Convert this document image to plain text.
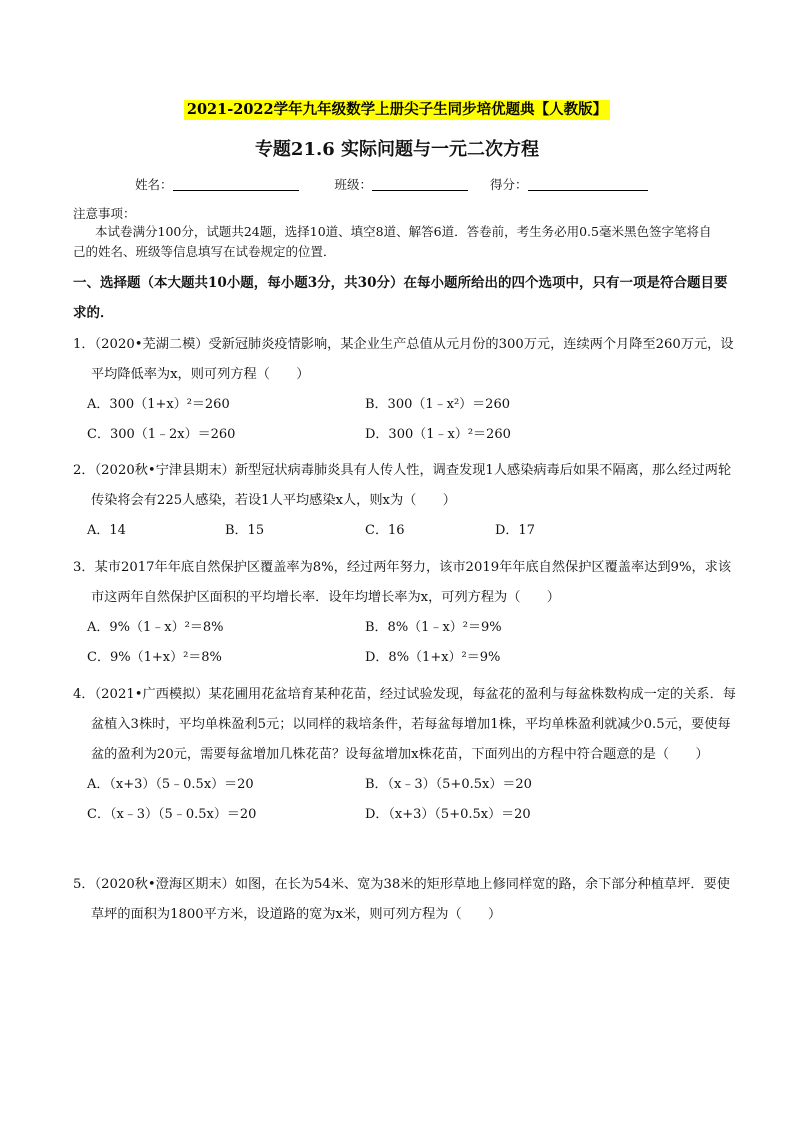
2021-2022学年九年级数学上册尖子生同步培优题典【人教版】
专题21.6 实际问题与一元二次方程
姓名：	班级：	得分：
注意事项：
本试卷满分100分，试题共24题，选择10道、填空8道、解答6道．答卷前，考生务必用0.5毫米黑色签字笔将自己的姓名、班级等信息填写在试卷规定的位置．
一、选择题（本大题共10小题，每小题3分，共30分）在每小题所给出的四个选项中，只有一项是符合题目要求的．
1．（2020•芜湖二模）受新冠肺炎疫情影响，某企业生产总值从元月份的300万元，连续两个月降至260万元，设平均降低率为x，则可列方程（　　）
A．300（1+x）²＝260	B．300（1﹣x²）＝260
C．300（1﹣2x）＝260	D．300（1﹣x）²＝260
2．（2020秋•宁津县期末）新型冠状病毒肺炎具有人传人性，调查发现1人感染病毒后如果不隔离，那么经过两轮传染将会有225人感染，若设1人平均感染x人，则x为（　　）
A．14	B．15	C．16	D．17
3．某市2017年年底自然保护区覆盖率为8%，经过两年努力，该市2019年年底自然保护区覆盖率达到9%，求该市这两年自然保护区面积的平均增长率．设年均增长率为x，可列方程为（　　）
A．9%（1﹣x）²＝8%	B．8%（1﹣x）²＝9%
C．9%（1+x）²＝8%	D．8%（1+x）²＝9%
4．（2021•广西模拟）某花圃用花盆培育某种花苗，经过试验发现，每盆花的盈利与每盆株数构成一定的关系．每盆植入3株时，平均单株盈利5元；以同样的栽培条件，若每盆每增加1株，平均单株盈利就减少0.5元，要使每盆的盈利为20元，需要每盆增加几株花苗？设每盆增加x株花苗，下面列出的方程中符合题意的是（　　）
A．（x+3）（5﹣0.5x）＝20	B．（x﹣3）（5+0.5x）＝20
C．（x﹣3）（5﹣0.5x）＝20	D．（x+3）（5+0.5x）＝20
5．（2020秋•澄海区期末）如图，在长为54米、宽为38米的矩形草地上修同样宽的路，余下部分种植草坪．要使草坪的面积为1800平方米，设道路的宽为x米，则可列方程为（　　）
